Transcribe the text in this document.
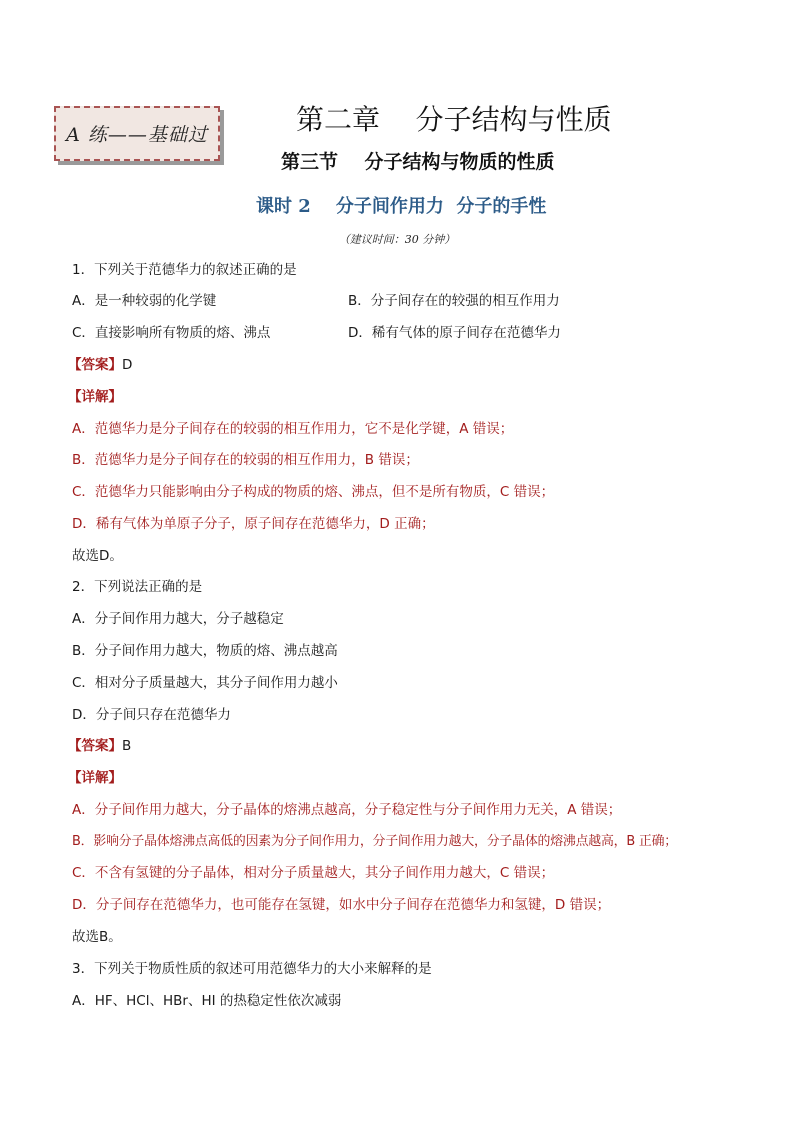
A 练——基础过	第二章    分子结构与性质
第三节    分子结构与物质的性质
课时 2    分子间作用力  分子的手性
（建议时间：30 分钟）
1．下列关于范德华力的叙述正确的是
A．是一种较弱的化学键	B．分子间存在的较强的相互作用力
C．直接影响所有物质的熔、沸点	D．稀有气体的原子间存在范德华力
【答案】D
【详解】
A．范德华力是分子间存在的较弱的相互作用力，它不是化学键，A 错误；
B．范德华力是分子间存在的较弱的相互作用力，B 错误；
C．范德华力只能影响由分子构成的物质的熔、沸点，但不是所有物质，C 错误；
D．稀有气体为单原子分子，原子间存在范德华力，D 正确；
故选D。
2．下列说法正确的是
A．分子间作用力越大，分子越稳定
B．分子间作用力越大，物质的熔、沸点越高
C．相对分子质量越大，其分子间作用力越小
D．分子间只存在范德华力
【答案】B
【详解】
A．分子间作用力越大，分子晶体的熔沸点越高，分子稳定性与分子间作用力无关，A 错误；
B．影响分子晶体熔沸点高低的因素为分子间作用力，分子间作用力越大，分子晶体的熔沸点越高，B 正确；
C．不含有氢键的分子晶体，相对分子质量越大，其分子间作用力越大，C 错误；
D．分子间存在范德华力，也可能存在氢键，如水中分子间存在范德华力和氢键，D 错误；
故选B。
3．下列关于物质性质的叙述可用范德华力的大小来解释的是
A．HF、HCl、HBr、HI 的热稳定性依次减弱
